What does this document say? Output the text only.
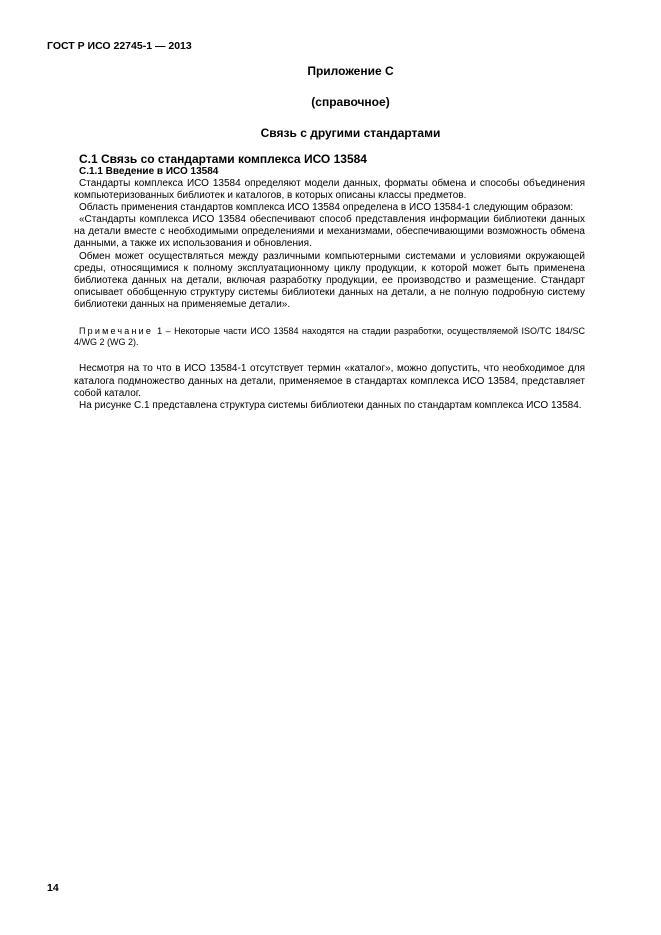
ГОСТ Р ИСО 22745-1 — 2013
Приложение С
(справочное)
Связь с другими стандартами
С.1 Связь со стандартами комплекса ИСО 13584
С.1.1 Введение в ИСО 13584

Стандарты комплекса ИСО 13584 определяют модели данных, форматы обмена и способы объединения компьютеризованных библиотек и каталогов, в которых описаны классы предметов.

Область применения стандартов комплекса ИСО 13584 определена в ИСО 13584-1 следующим образом:

«Стандарты комплекса ИСО 13584 обеспечивают способ представления информации библиотеки данных на детали вместе с необходимыми определениями и механизмами, обеспечивающими возможность обмена данными, а также их использования и обновления.

Обмен может осуществляться между различными компьютерными системами и условиями окружающей среды, относящимися к полному эксплуатационному циклу продукции, к которой может быть применена библиотека данных на детали, включая разработку продукции, ее производство и размещение. Стандарт описывает обобщенную структуру системы библиотеки данных на детали, а не полную подробную систему библиотеки данных на применяемые детали».

Примечание 1 – Некоторые части ИСО 13584 находятся на стадии разработки, осуществляемой ISO/TC 184/SC 4/WG 2 (WG 2).

Несмотря на то что в ИСО 13584-1 отсутствует термин «каталог», можно допустить, что необходимое для каталога подмножество данных на детали, применяемое в стандартах комплекса ИСО 13584, представляет собой каталог.

На рисунке С.1 представлена структура системы библиотеки данных по стандартам комплекса ИСО 13584.

14
